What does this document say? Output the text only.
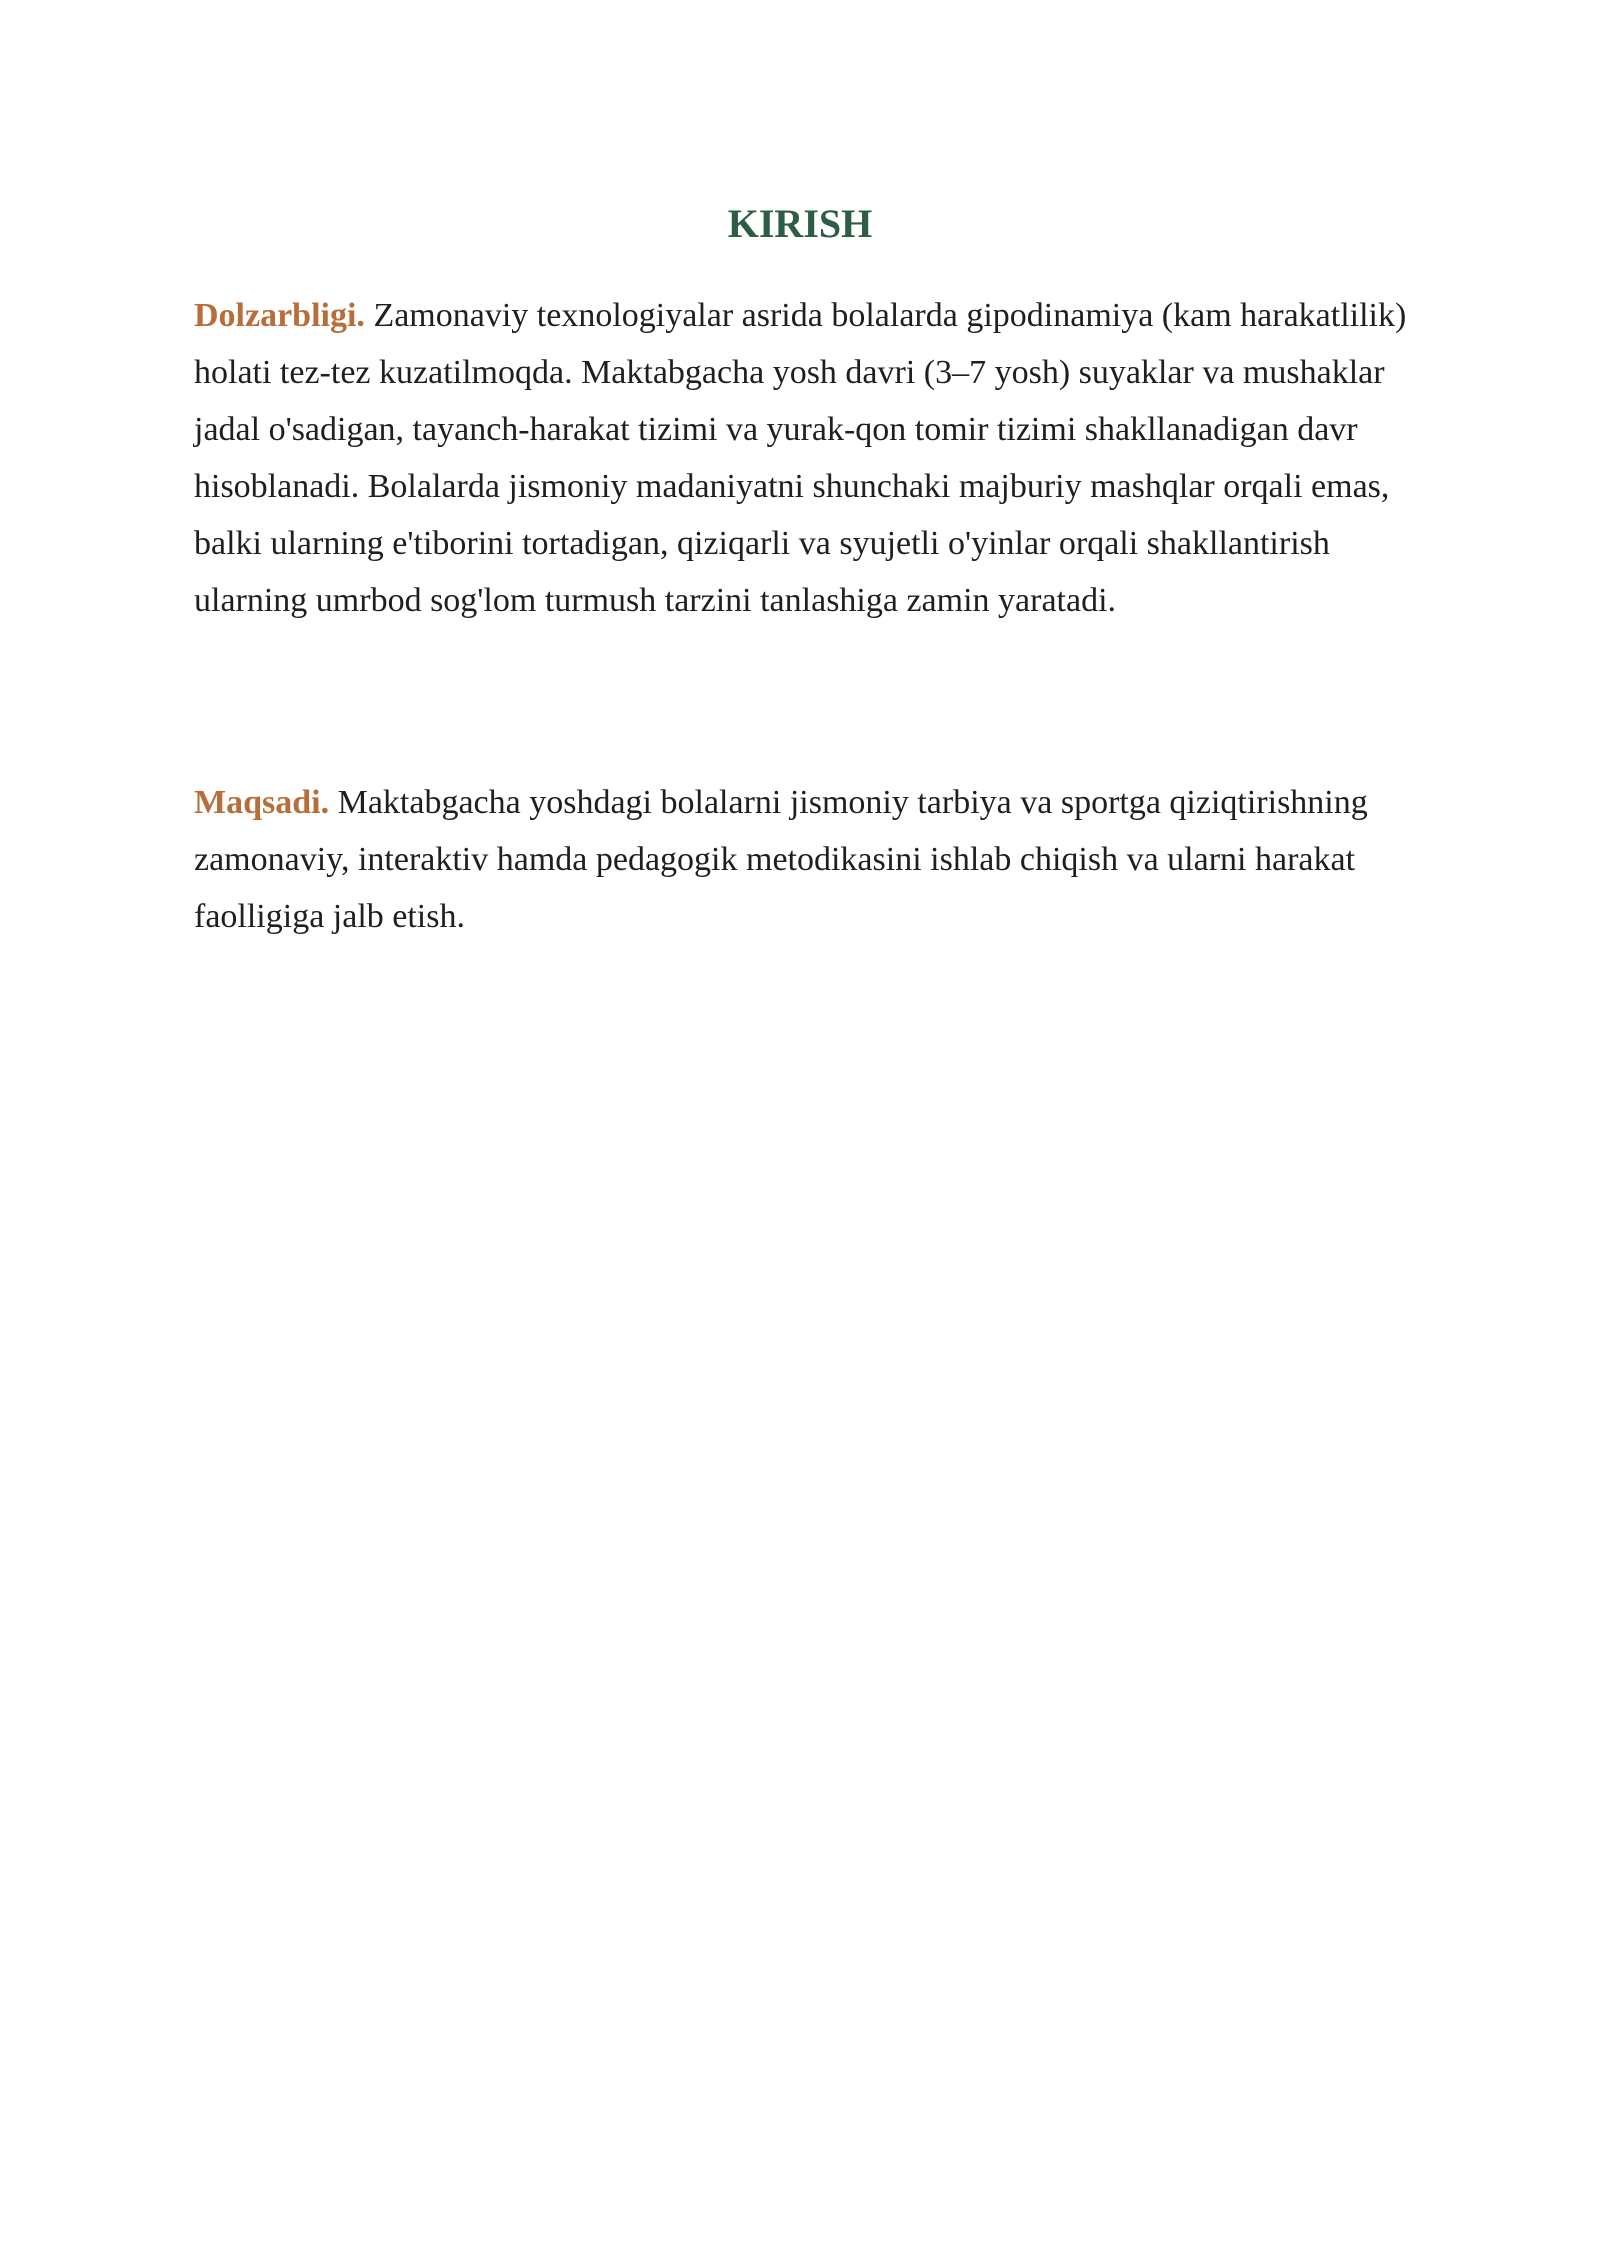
KIRISH

Dolzarbligi. Zamonaviy texnologiyalar asrida bolalarda gipodinamiya (kam harakatlilik) holati tez-tez kuzatilmoqda. Maktabgacha yosh davri (3–7 yosh) suyaklar va mushaklar jadal o'sadigan, tayanch-harakat tizimi va yurak-qon tomir tizimi shakllanadigan davr hisoblanadi. Bolalarda jismoniy madaniyatni shunchaki majburiy mashqlar orqali emas, balki ularning e'tiborini tortadigan, qiziqarli va syujetli o'yinlar orqali shakllantirish ularning umrbod sog'lom turmush tarzini tanlashiga zamin yaratadi.

Maqsadi. Maktabgacha yoshdagi bolalarni jismoniy tarbiya va sportga qiziqtirishning zamonaviy, interaktiv hamda pedagogik metodikasini ishlab chiqish va ularni harakat faolligiga jalb etish.
